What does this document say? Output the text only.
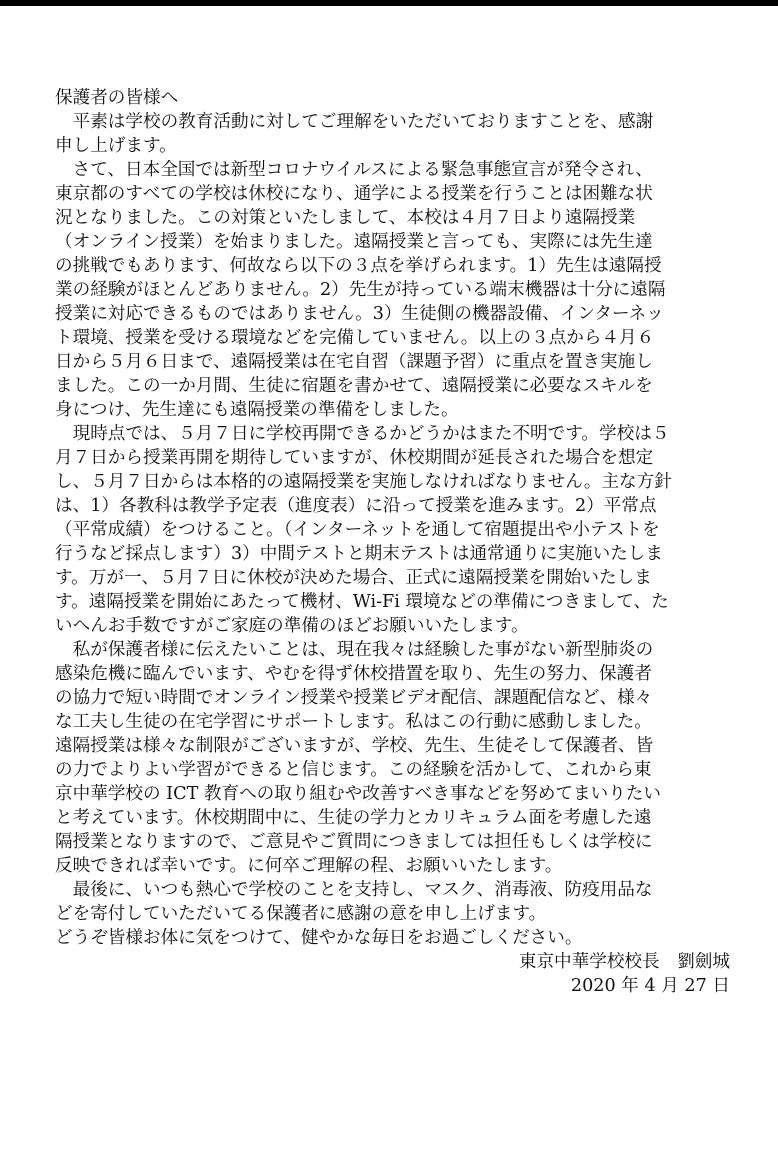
保護者の皆様へ

平素は学校の教育活動に対してご理解をいただいておりますことを、感謝

申し上げます。

さて、日本全国では新型コロナウイルスによる緊急事態宣言が発令され、

東京都のすべての学校は休校になり、通学による授業を行うことは困難な状

況となりました。この対策といたしまして、本校は４月７日より遠隔授業

（オンライン授業）を始まりました。遠隔授業と言っても、実際には先生達

の挑戦でもあります、何故なら以下の３点を挙げられます。1）先生は遠隔授

業の経験がほとんどありません。2）先生が持っている端末機器は十分に遠隔

授業に対応できるものではありません。3）生徒側の機器設備、インターネッ

ト環境、授業を受ける環境などを完備していません。以上の３点から４月６

日から５月６日まで、遠隔授業は在宅自習（課題予習）に重点を置き実施し

ました。この一か月間、生徒に宿題を書かせて、遠隔授業に必要なスキルを

身につけ、先生達にも遠隔授業の準備をしました。

現時点では、５月７日に学校再開できるかどうかはまた不明です。学校は５

月７日から授業再開を期待していますが、休校期間が延長された場合を想定

し、５月７日からは本格的の遠隔授業を実施しなければなりません。主な方針

は、1）各教科は教学予定表（進度表）に沿って授業を進みます。2）平常点

（平常成績）をつけること。（インターネットを通して宿題提出や小テストを

行うなど採点します）3）中間テストと期末テストは通常通りに実施いたしま

す。万が一、５月７日に休校が決めた場合、正式に遠隔授業を開始いたしま

す。遠隔授業を開始にあたって機材、Wi-Fi 環境などの準備につきまして、た

いへんお手数ですがご家庭の準備のほどお願いいたします。

私が保護者様に伝えたいことは、現在我々は経験した事がない新型肺炎の

感染危機に臨んでいます、やむを得ず休校措置を取り、先生の努力、保護者

の協力で短い時間でオンライン授業や授業ビデオ配信、課題配信など、様々

な工夫し生徒の在宅学習にサポートします。私はこの行動に感動しました。

遠隔授業は様々な制限がございますが、学校、先生、生徒そして保護者、皆

の力でよりよい学習ができると信じます。この経験を活かして、これから東

京中華学校の ICT 教育への取り組むや改善すべき事などを努めてまいりたい

と考えています。休校期間中に、生徒の学力とカリキュラム面を考慮した遠

隔授業となりますので、ご意見やご質問につきましては担任もしくは学校に

反映できれば幸いです。に何卒ご理解の程、お願いいたします。

最後に、いつも熱心で学校のことを支持し、マスク、消毒液、防疫用品な

どを寄付していただいてる保護者に感謝の意を申し上げます。

どうぞ皆様お体に気をつけて、健やかな毎日をお過ごしください。

東京中華学校校長　劉劍城

2020 年 4 月 27 日
